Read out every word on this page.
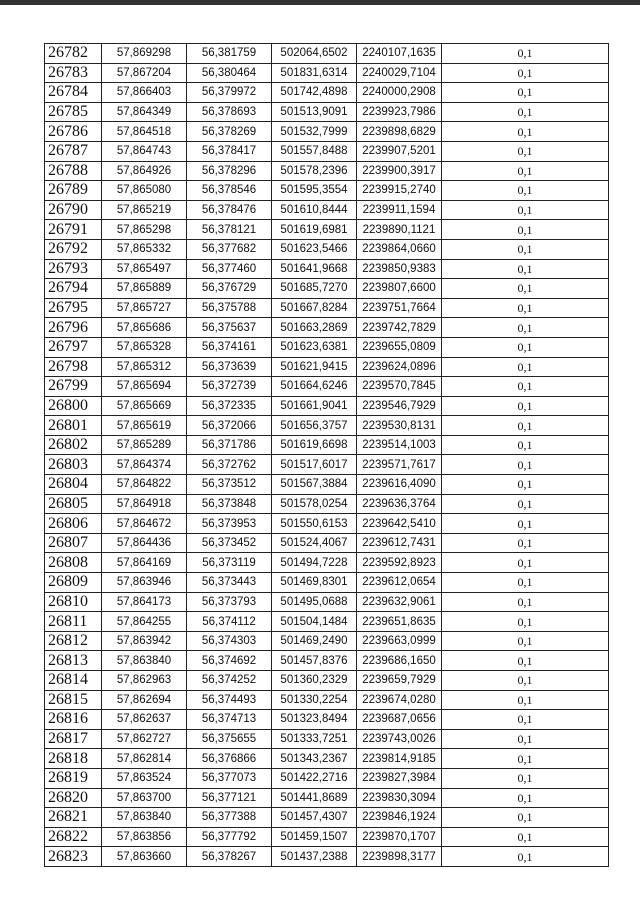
26782	57,869298	56,381759	502064,6502	2240107,1635	0,1
26783	57,867204	56,380464	501831,6314	2240029,7104	0,1
26784	57,866403	56,379972	501742,4898	2240000,2908	0,1
26785	57,864349	56,378693	501513,9091	2239923,7986	0,1
26786	57,864518	56,378269	501532,7999	2239898,6829	0,1
26787	57,864743	56,378417	501557,8488	2239907,5201	0,1
26788	57,864926	56,378296	501578,2396	2239900,3917	0,1
26789	57,865080	56,378546	501595,3554	2239915,2740	0,1
26790	57,865219	56,378476	501610,8444	2239911,1594	0,1
26791	57,865298	56,378121	501619,6981	2239890,1121	0,1
26792	57,865332	56,377682	501623,5466	2239864,0660	0,1
26793	57,865497	56,377460	501641,9668	2239850,9383	0,1
26794	57,865889	56,376729	501685,7270	2239807,6600	0,1
26795	57,865727	56,375788	501667,8284	2239751,7664	0,1
26796	57,865686	56,375637	501663,2869	2239742,7829	0,1
26797	57,865328	56,374161	501623,6381	2239655,0809	0,1
26798	57,865312	56,373639	501621,9415	2239624,0896	0,1
26799	57,865694	56,372739	501664,6246	2239570,7845	0,1
26800	57,865669	56,372335	501661,9041	2239546,7929	0,1
26801	57,865619	56,372066	501656,3757	2239530,8131	0,1
26802	57,865289	56,371786	501619,6698	2239514,1003	0,1
26803	57,864374	56,372762	501517,6017	2239571,7617	0,1
26804	57,864822	56,373512	501567,3884	2239616,4090	0,1
26805	57,864918	56,373848	501578,0254	2239636,3764	0,1
26806	57,864672	56,373953	501550,6153	2239642,5410	0,1
26807	57,864436	56,373452	501524,4067	2239612,7431	0,1
26808	57,864169	56,373119	501494,7228	2239592,8923	0,1
26809	57,863946	56,373443	501469,8301	2239612,0654	0,1
26810	57,864173	56,373793	501495,0688	2239632,9061	0,1
26811	57,864255	56,374112	501504,1484	2239651,8635	0,1
26812	57,863942	56,374303	501469,2490	2239663,0999	0,1
26813	57,863840	56,374692	501457,8376	2239686,1650	0,1
26814	57,862963	56,374252	501360,2329	2239659,7929	0,1
26815	57,862694	56,374493	501330,2254	2239674,0280	0,1
26816	57,862637	56,374713	501323,8494	2239687,0656	0,1
26817	57,862727	56,375655	501333,7251	2239743,0026	0,1
26818	57,862814	56,376866	501343,2367	2239814,9185	0,1
26819	57,863524	56,377073	501422,2716	2239827,3984	0,1
26820	57,863700	56,377121	501441,8689	2239830,3094	0,1
26821	57,863840	56,377388	501457,4307	2239846,1924	0,1
26822	57,863856	56,377792	501459,1507	2239870,1707	0,1
26823	57,863660	56,378267	501437,2388	2239898,3177	0,1
